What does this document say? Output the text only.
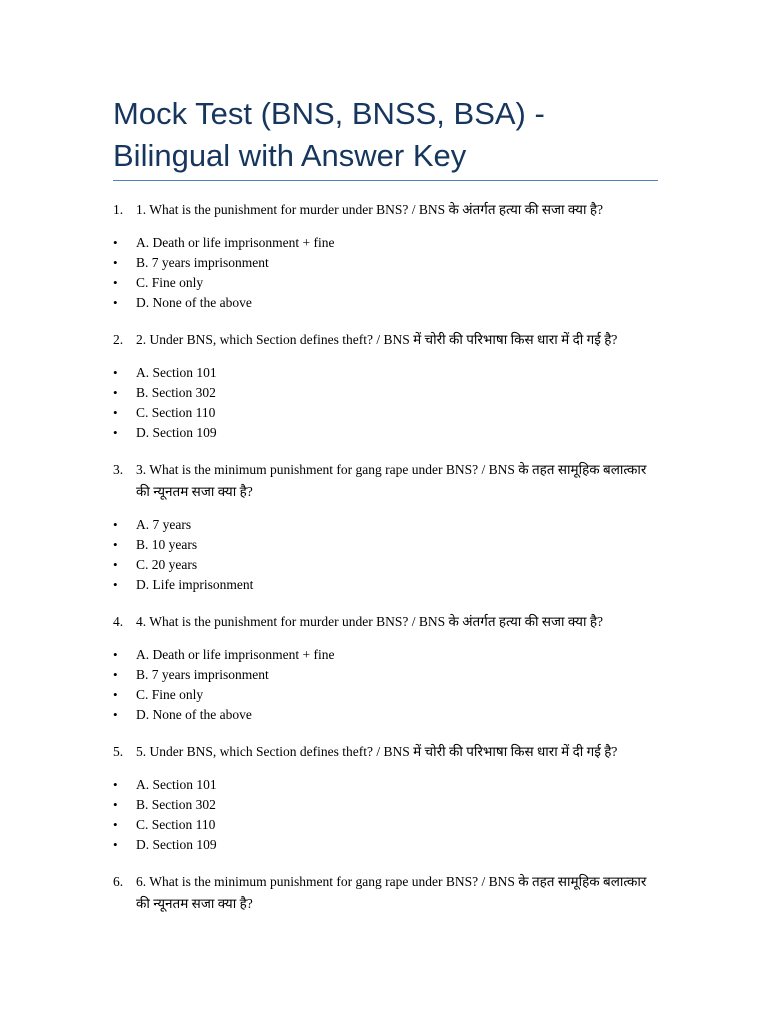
Mock Test (BNS, BNSS, BSA) - Bilingual with Answer Key
1. 1. What is the punishment for murder under BNS? / BNS के अंतर्गत हत्या की सजा क्या है?
• A. Death or life imprisonment + fine
• B. 7 years imprisonment
• C. Fine only
• D. None of the above
2. 2. Under BNS, which Section defines theft? / BNS में चोरी की परिभाषा किस धारा में दी गई है?
• A. Section 101
• B. Section 302
• C. Section 110
• D. Section 109
3. 3. What is the minimum punishment for gang rape under BNS? / BNS के तहत सामूहिक बलात्कार की न्यूनतम सजा क्या है?
• A. 7 years
• B. 10 years
• C. 20 years
• D. Life imprisonment
4. 4. What is the punishment for murder under BNS? / BNS के अंतर्गत हत्या की सजा क्या है?
• A. Death or life imprisonment + fine
• B. 7 years imprisonment
• C. Fine only
• D. None of the above
5. 5. Under BNS, which Section defines theft? / BNS में चोरी की परिभाषा किस धारा में दी गई है?
• A. Section 101
• B. Section 302
• C. Section 110
• D. Section 109
6. 6. What is the minimum punishment for gang rape under BNS? / BNS के तहत सामूहिक बलात्कार की न्यूनतम सजा क्या है?
